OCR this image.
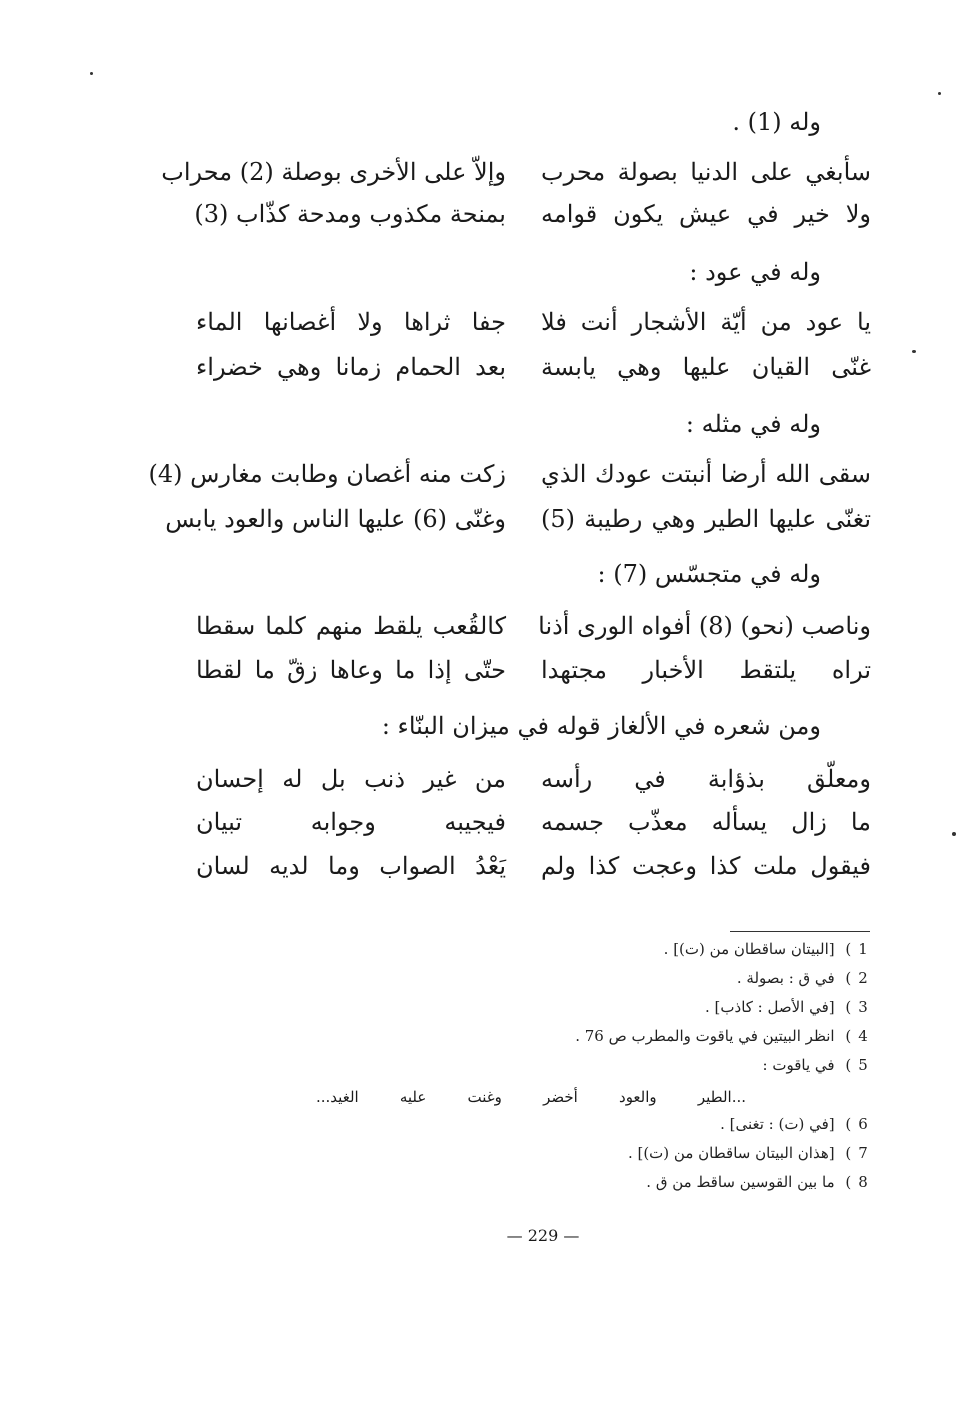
وله (1) .
سأبغي على الدنيا بصولة محرب
وإلاّ على الأخرى بوصلة (2) محراب
ولا خير في عيش يكون قوامه
بمنحة مكذوب ومدحة كذّاب (3)
وله في عود :
يا عود من أيّة الأشجار أنت فلا
جفا ثراها ولا أغصانها الماء
غنّى القيان عليها وهي يابسة
بعد الحمام زمانا وهي خضراء
وله في مثله :
سقى الله أرضا أنبتت عودك الذي
زكت منه أغصان وطابت مغارس (4)
تغنّى عليها الطير وهي رطيبة (5)
وغنّى (6) عليها الناس والعود يابس
وله في متجسّس (7) :
وناصب (نحو) (8) أفواه الورى أذنا
كالقُعب يلقط منهم كلما سقطا
تراه يلتقط الأخبار مجتهدا
حتّى إذا ما وعاها زقّ ما لقطا
ومن شعره في الألغاز قوله في ميزان البنّاء :
ومعلّق بذؤابة في رأسه
من غير ذنب بل له إحسان
ما زال يسأله معذّب جسمه
فيجيبه وجوابه تبيان
فيقول ملت كذا وعجت كذا ولم
يَعْدُ الصواب وما لديه لسان
1 ) [البيتان ساقطان من (ت)] .
2 ) في ق : بصولة .
3 ) [في الأصل : كاذب] .
4 ) انظر البيتين في ياقوت والمطرب ص 76 .
5 ) في ياقوت :
...الطير والعود أخضر وغنت عليه الغيد...
6 ) [في (ت) : تغنى] .
7 ) [هذان البيتان ساقطان من (ت)] .
8 ) ما بين القوسين ساقط من ق .
— 229 —
